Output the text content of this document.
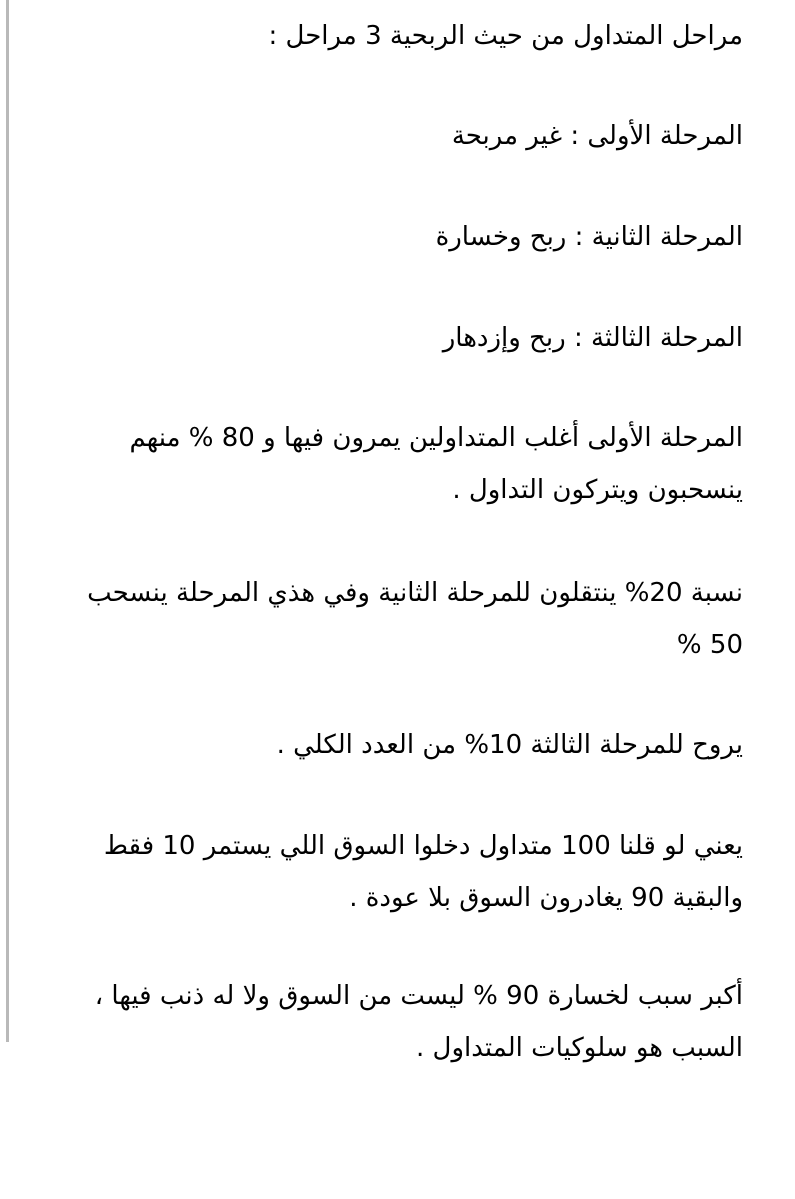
مراحل المتداول من حيث الربحية 3 مراحل :

المرحلة الأولى : غير مربحة

المرحلة الثانية : ربح وخسارة

المرحلة الثالثة : ربح وإزدهار

المرحلة الأولى أغلب المتداولين يمرون فيها و 80 % منهم ينسحبون ويتركون التداول .

نسبة 20% ينتقلون للمرحلة الثانية وفي هذي المرحلة ينسحب 50 %

يروح للمرحلة الثالثة 10% من العدد الكلي .

يعني لو قلنا 100 متداول دخلوا السوق اللي يستمر 10 فقط والبقية 90 يغادرون السوق بلا عودة .

أكبر سبب لخسارة 90 % ليست من السوق ولا له ذنب فيها ، السبب هو سلوكيات المتداول .
